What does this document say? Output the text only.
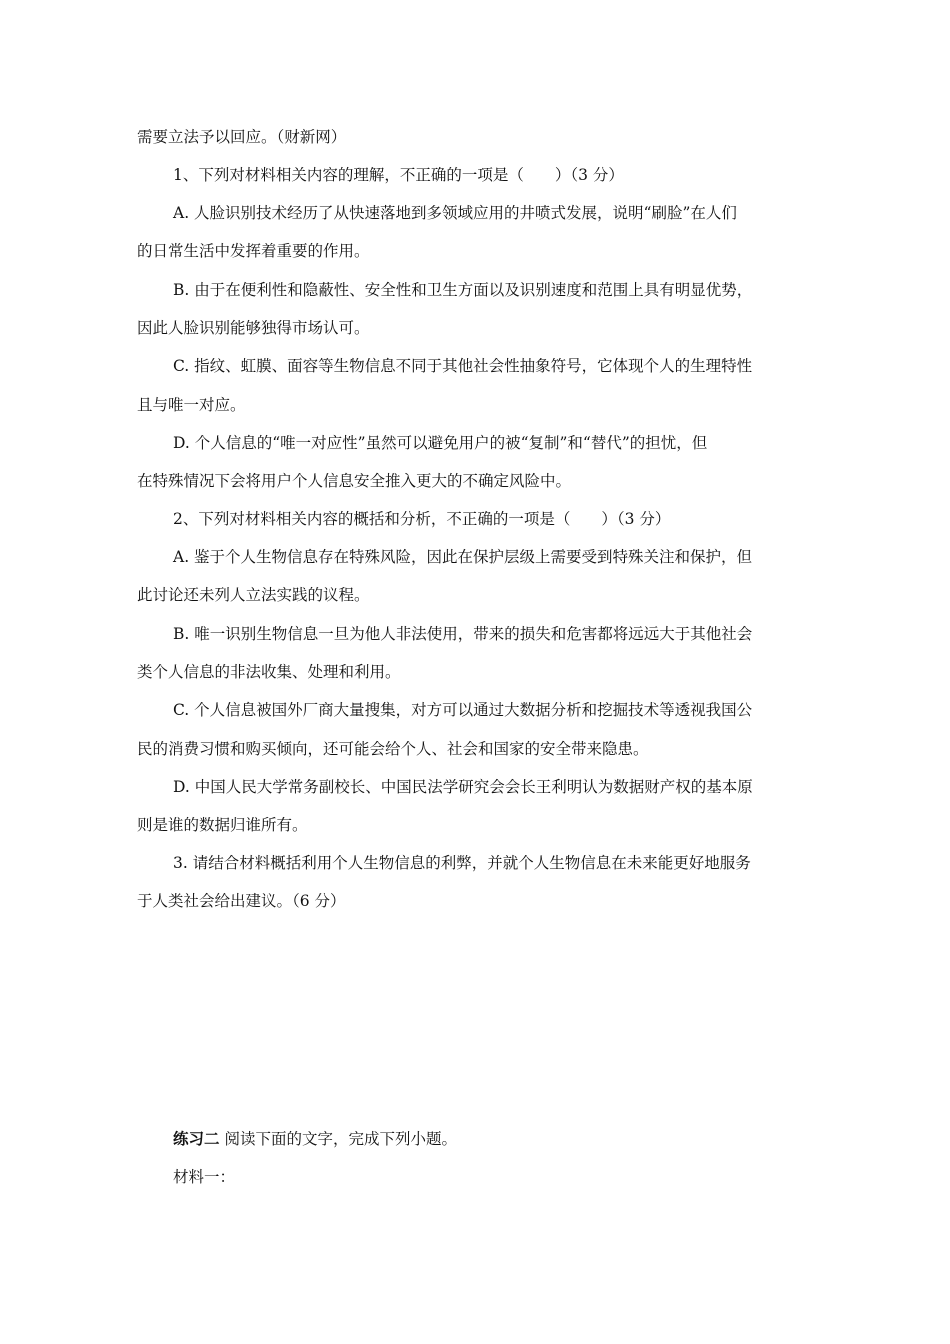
需要立法予以回应。（财新网）
1、下列对材料相关内容的理解，不正确的一项是（　　）（3 分）
A. 人脸识别技术经历了从快速落地到多领域应用的井喷式发展，说明“刷脸”在人们
的日常生活中发挥着重要的作用。
B. 由于在便利性和隐蔽性、安全性和卫生方面以及识别速度和范围上具有明显优势，
因此人脸识别能够独得市场认可。
C. 指纹、虹膜、面容等生物信息不同于其他社会性抽象符号，它体现个人的生理特性
且与唯一对应。
D. 个人信息的“唯一对应性”虽然可以避免用户的被“复制”和“替代”的担忧，但
在特殊情况下会将用户个人信息安全推入更大的不确定风险中。
2、下列对材料相关内容的概括和分析，不正确的一项是（　　）（3 分）
A. 鉴于个人生物信息存在特殊风险，因此在保护层级上需要受到特殊关注和保护，但
此讨论还未列人立法实践的议程。
B. 唯一识别生物信息一旦为他人非法使用，带来的损失和危害都将远远大于其他社会
类个人信息的非法收集、处理和利用。
C. 个人信息被国外厂商大量搜集，对方可以通过大数据分析和挖掘技术等透视我国公
民的消费习惯和购买倾向，还可能会给个人、社会和国家的安全带来隐患。
D. 中国人民大学常务副校长、中国民法学研究会会长王利明认为数据财产权的基本原
则是谁的数据归谁所有。
3. 请结合材料概括利用个人生物信息的利弊，并就个人生物信息在未来能更好地服务
于人类社会给出建议。（6 分）
练习二 阅读下面的文字，完成下列小题。
材料一：
